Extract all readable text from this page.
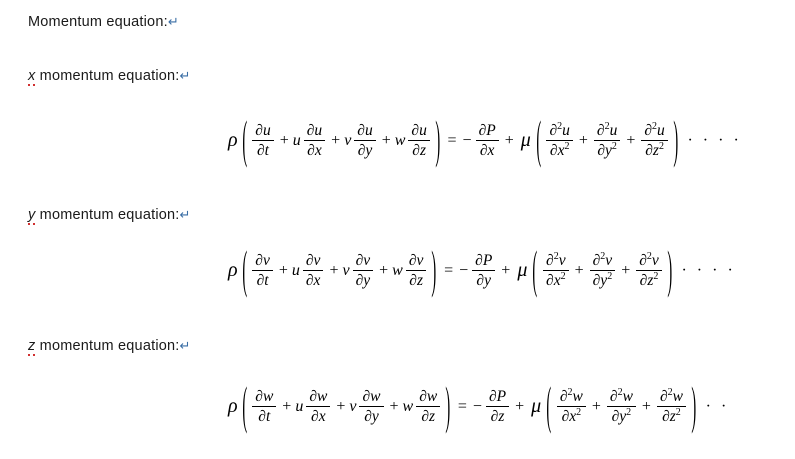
Momentum equation:↵
x momentum equation:↵
ρ ( $\frac{\partial u}{\partial t} + u \frac{\partial u}{\partial x} + v \frac{\partial u}{\partial y} + w \frac{\partial u}{\partial z}$ ) = − $\frac{\partial P}{\partial x} + \mu$ ( $\frac{\partial^2u}{\partial x^2} + \frac{\partial^2u}{\partial y^2} + \frac{\partial^2u}{\partial z^2}$ ) · · · ·
y momentum equation:↵
ρ ( $\frac{\partial v}{\partial t} + u \frac{\partial v}{\partial x} + v \frac{\partial v}{\partial y} + w \frac{\partial v}{\partial z}$ ) = − $\frac{\partial P}{\partial y} + \mu$ ( $\frac{\partial^2v}{\partial x^2} + \frac{\partial^2v}{\partial y^2} + \frac{\partial^2v}{\partial z^2}$ ) · · · ·
z momentum equation:↵
ρ ( $\frac{\partial w}{\partial t} + u \frac{\partial w}{\partial x} + v \frac{\partial w}{\partial y} + w \frac{\partial w}{\partial z}$ ) = − $\frac{\partial P}{\partial z} + \mu$ ( $\frac{\partial^2w}{\partial x^2} + \frac{\partial^2w}{\partial y^2} + \frac{\partial^2w}{\partial z^2}$ ) · ·
